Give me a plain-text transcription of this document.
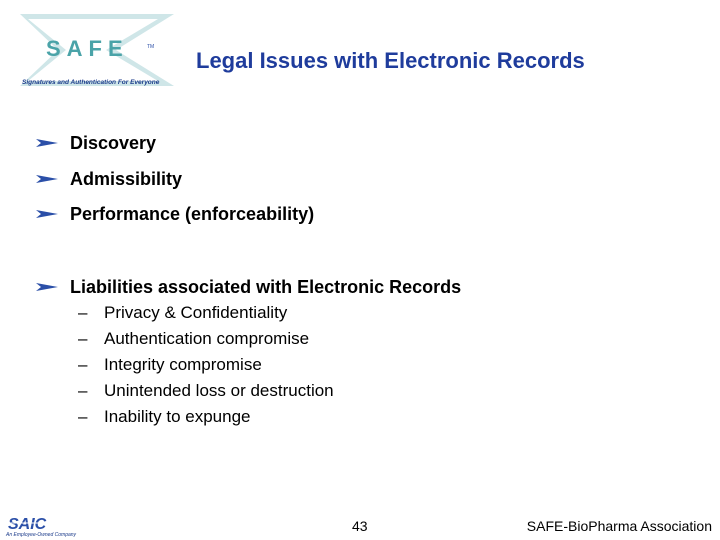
SAFE	TM
Signatures and Authentication For Everyone
Legal Issues with Electronic Records
Discovery
Admissibility
Performance (enforceability)
Liabilities associated with Electronic Records
– Privacy & Confidentiality
– Authentication compromise
– Integrity compromise
– Unintended loss or destruction
– Inability to expunge
SAIC
An Employee-Owned Company
43	SAFE-BioPharma Association
